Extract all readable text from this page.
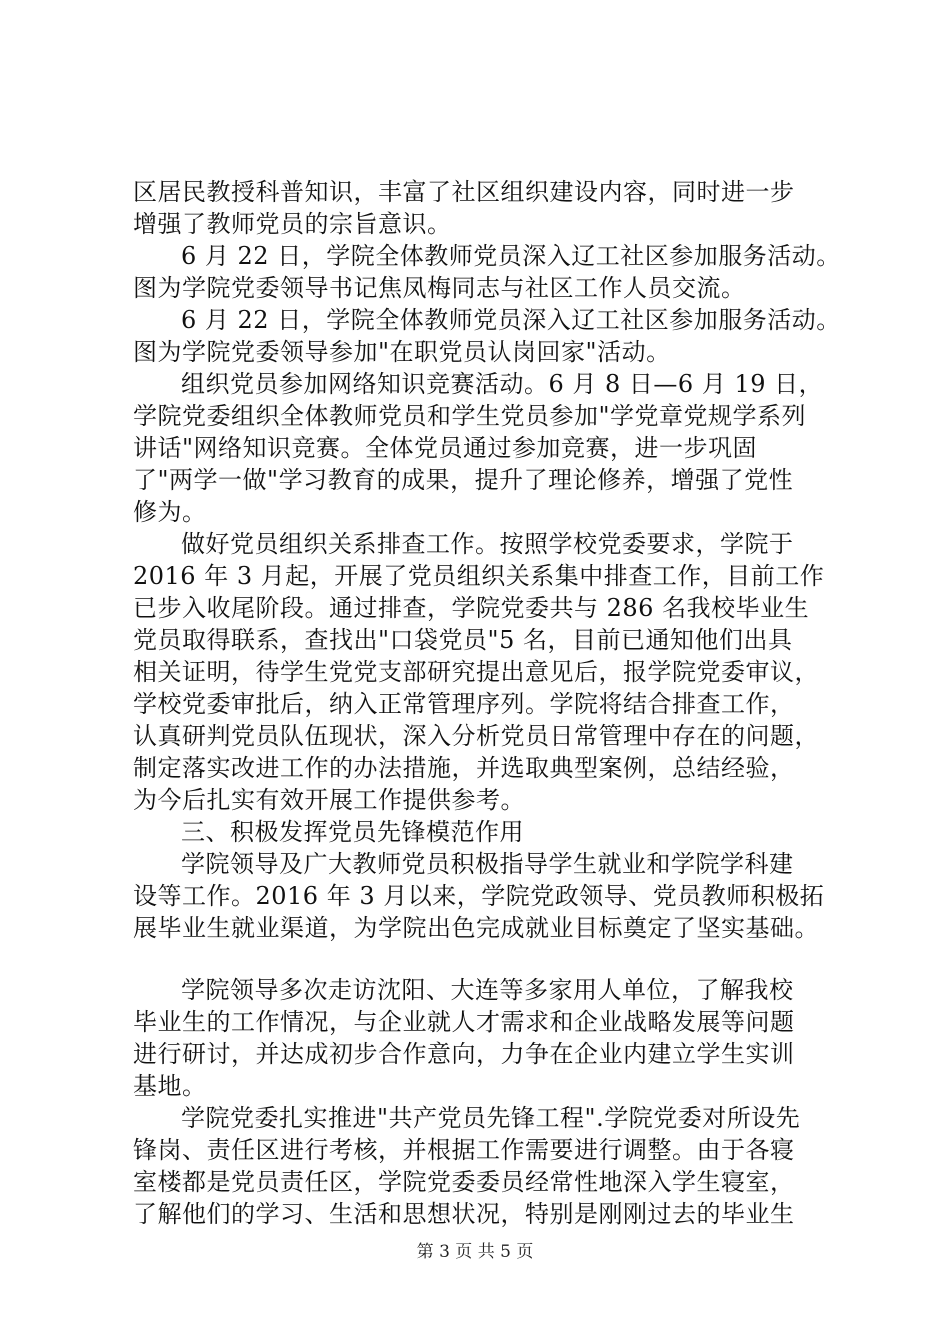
区居民教授科普知识，丰富了社区组织建设内容，同时进一步
增强了教师党员的宗旨意识。
6 月 22 日，学院全体教师党员深入辽工社区参加服务活动。
图为学院党委领导书记焦凤梅同志与社区工作人员交流。
6 月 22 日，学院全体教师党员深入辽工社区参加服务活动。
图为学院党委领导参加"在职党员认岗回家"活动。
组织党员参加网络知识竞赛活动。6 月 8 日—6 月 19 日，
学院党委组织全体教师党员和学生党员参加"学党章党规学系列
讲话"网络知识竞赛。全体党员通过参加竞赛，进一步巩固
了"两学一做"学习教育的成果，提升了理论修养，增强了党性
修为。
做好党员组织关系排查工作。按照学校党委要求，学院于
2016 年 3 月起，开展了党员组织关系集中排查工作，目前工作
已步入收尾阶段。通过排查，学院党委共与 286 名我校毕业生
党员取得联系，查找出"口袋党员"5 名，目前已通知他们出具
相关证明，待学生党党支部研究提出意见后，报学院党委审议，
学校党委审批后，纳入正常管理序列。学院将结合排查工作，
认真研判党员队伍现状，深入分析党员日常管理中存在的问题，
制定落实改进工作的办法措施，并选取典型案例，总结经验，
为今后扎实有效开展工作提供参考。
三、积极发挥党员先锋模范作用
学院领导及广大教师党员积极指导学生就业和学院学科建
设等工作。2016 年 3 月以来，学院党政领导、党员教师积极拓
展毕业生就业渠道，为学院出色完成就业目标奠定了坚实基础。
学院领导多次走访沈阳、大连等多家用人单位，了解我校
毕业生的工作情况，与企业就人才需求和企业战略发展等问题
进行研讨，并达成初步合作意向，力争在企业内建立学生实训
基地。
学院党委扎实推进"共产党员先锋工程".学院党委对所设先
锋岗、责任区进行考核，并根据工作需要进行调整。由于各寝
室楼都是党员责任区，学院党委委员经常性地深入学生寝室，
了解他们的学习、生活和思想状况，特别是刚刚过去的毕业生
第 3 页 共 5 页
